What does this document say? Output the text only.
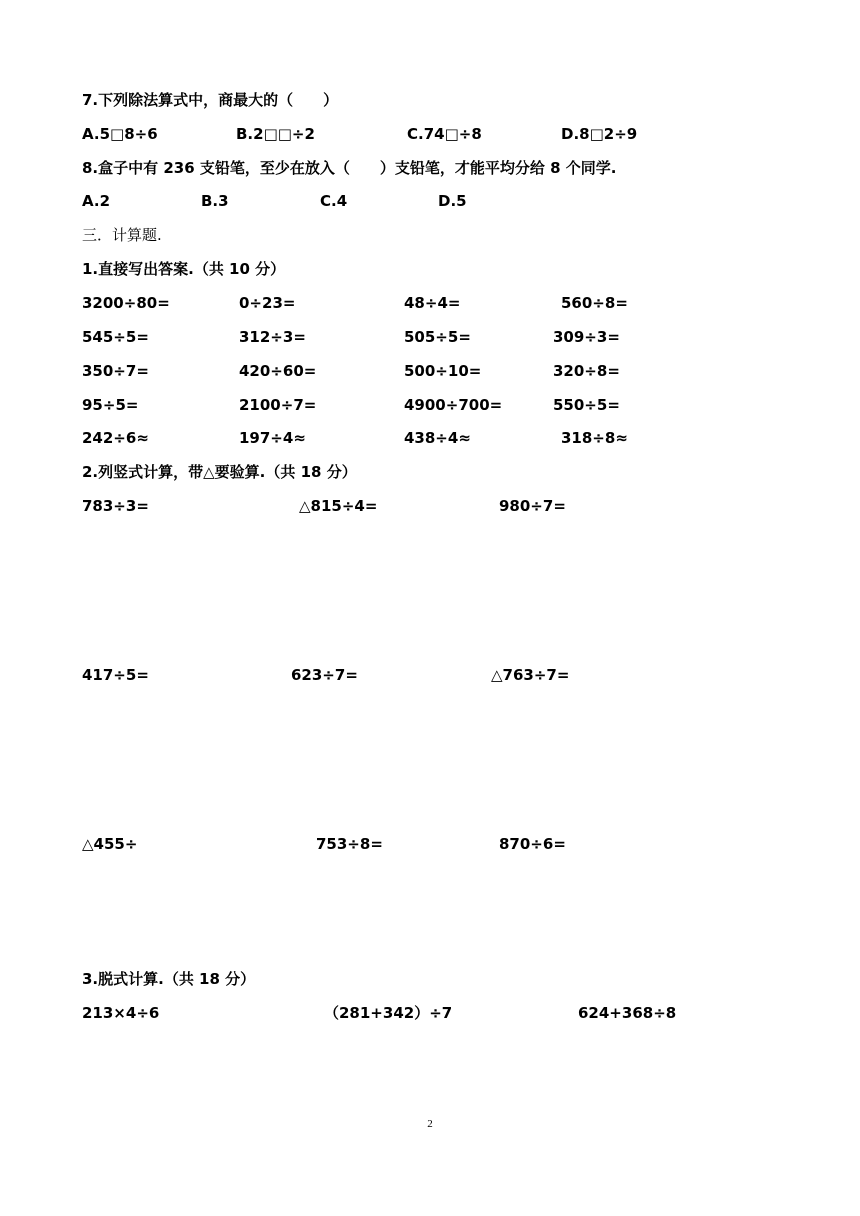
7.下列除法算式中，商最大的（　　）
A.5□8÷6	B.2□□÷2	C.74□÷8	D.8□2÷9
8.盒子中有 236 支铅笔，至少在放入（　　）支铅笔，才能平均分给 8 个同学.
A.2	B.3	C.4	D.5
三．计算题.
1.直接写出答案.（共 10 分）
3200÷80=	0÷23=	48÷4=	560÷8=
545÷5=	312÷3=	505÷5=	309÷3=
350÷7=	420÷60=	500÷10=	320÷8=
95÷5=	2100÷7=	4900÷700=	550÷5=
242÷6≈	197÷4≈	438÷4≈	318÷8≈
2.列竖式计算，带△要验算.（共 18 分）
783÷3=	△815÷4=	980÷7=
417÷5=	623÷7=	△763÷7=
△455÷	753÷8=	870÷6=
3.脱式计算.（共 18 分）
213×4÷6	（281+342）÷7	624+368÷8
2
